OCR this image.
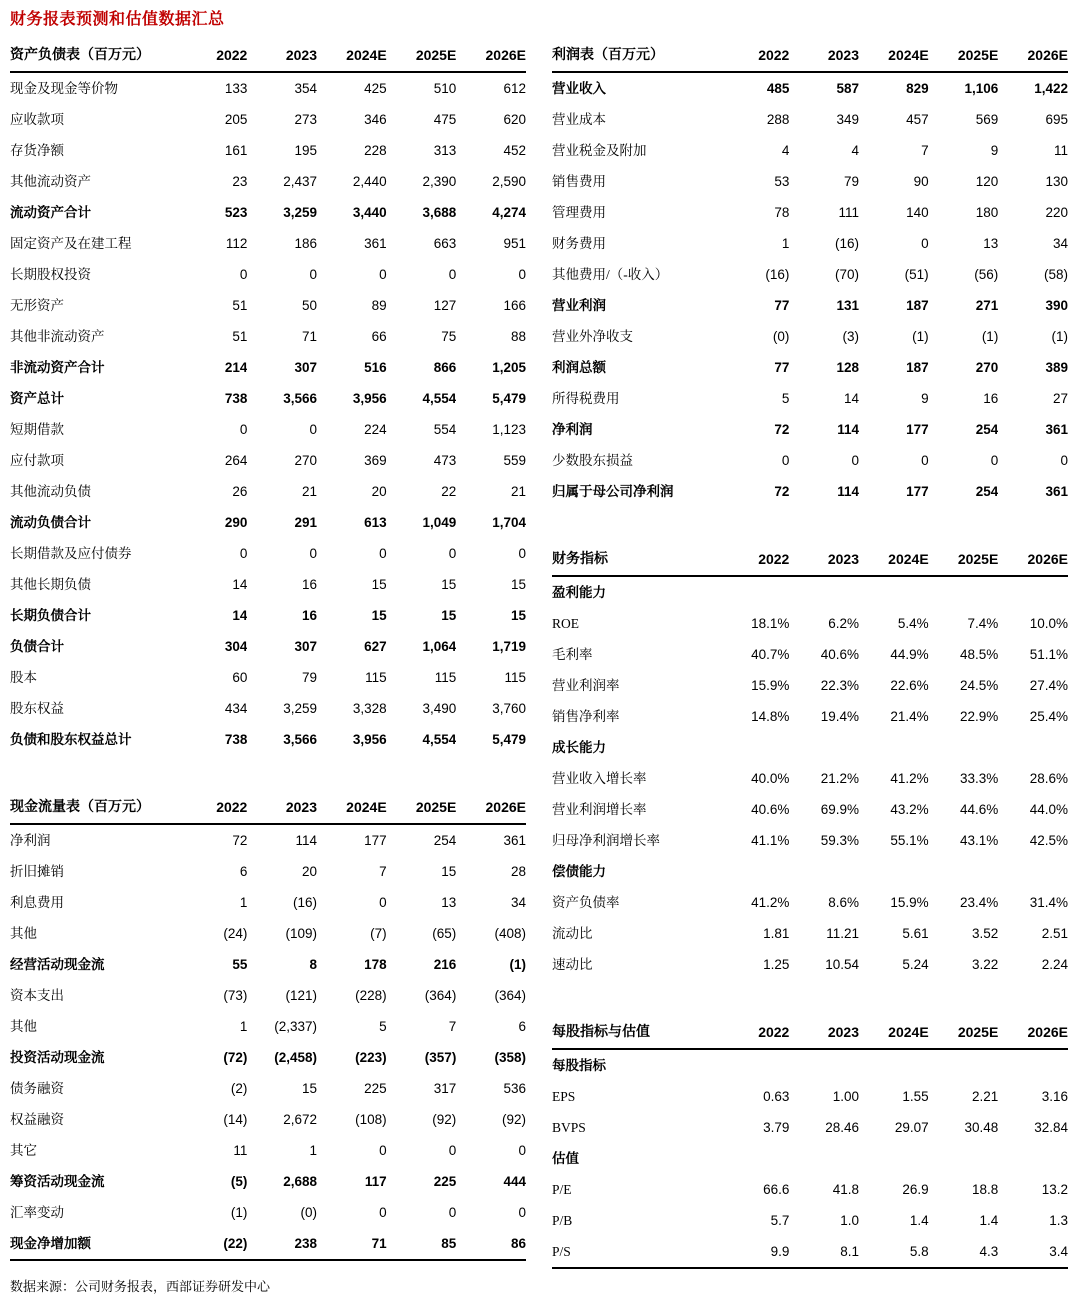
财务报表预测和估值数据汇总
资产负债表（百万元）	2022	2023	2024E	2025E	2026E
现金及现金等价物	133	354	425	510	612
应收款项	205	273	346	475	620
存货净额	161	195	228	313	452
其他流动资产	23	2,437	2,440	2,390	2,590
流动资产合计	523	3,259	3,440	3,688	4,274
固定资产及在建工程	112	186	361	663	951
长期股权投资	0	0	0	0	0
无形资产	51	50	89	127	166
其他非流动资产	51	71	66	75	88
非流动资产合计	214	307	516	866	1,205
资产总计	738	3,566	3,956	4,554	5,479
短期借款	0	0	224	554	1,123
应付款项	264	270	369	473	559
其他流动负债	26	21	20	22	21
流动负债合计	290	291	613	1,049	1,704
长期借款及应付债券	0	0	0	0	0
其他长期负债	14	16	15	15	15
长期负债合计	14	16	15	15	15
负债合计	304	307	627	1,064	1,719
股本	60	79	115	115	115
股东权益	434	3,259	3,328	3,490	3,760
负债和股东权益总计	738	3,566	3,956	4,554	5,479
现金流量表（百万元）	2022	2023	2024E	2025E	2026E
净利润	72	114	177	254	361
折旧摊销	6	20	7	15	28
利息费用	1	(16)	0	13	34
其他	(24)	(109)	(7)	(65)	(408)
经营活动现金流	55	8	178	216	(1)
资本支出	(73)	(121)	(228)	(364)	(364)
其他	1	(2,337)	5	7	6
投资活动现金流	(72)	(2,458)	(223)	(357)	(358)
债务融资	(2)	15	225	317	536
权益融资	(14)	2,672	(108)	(92)	(92)
其它	11	1	0	0	0
筹资活动现金流	(5)	2,688	117	225	444
汇率变动	(1)	(0)	0	0	0
现金净增加额	(22)	238	71	85	86
利润表（百万元）	2022	2023	2024E	2025E	2026E
营业收入	485	587	829	1,106	1,422
营业成本	288	349	457	569	695
营业税金及附加	4	4	7	9	11
销售费用	53	79	90	120	130
管理费用	78	111	140	180	220
财务费用	1	(16)	0	13	34
其他费用/（-收入）	(16)	(70)	(51)	(56)	(58)
营业利润	77	131	187	271	390
营业外净收支	(0)	(3)	(1)	(1)	(1)
利润总额	77	128	187	270	389
所得税费用	5	14	9	16	27
净利润	72	114	177	254	361
少数股东损益	0	0	0	0	0
归属于母公司净利润	72	114	177	254	361
财务指标	2022	2023	2024E	2025E	2026E
盈利能力					
ROE	18.1%	6.2%	5.4%	7.4%	10.0%
毛利率	40.7%	40.6%	44.9%	48.5%	51.1%
营业利润率	15.9%	22.3%	22.6%	24.5%	27.4%
销售净利率	14.8%	19.4%	21.4%	22.9%	25.4%
成长能力					
营业收入增长率	40.0%	21.2%	41.2%	33.3%	28.6%
营业利润增长率	40.6%	69.9%	43.2%	44.6%	44.0%
归母净利润增长率	41.1%	59.3%	55.1%	43.1%	42.5%
偿债能力					
资产负债率	41.2%	8.6%	15.9%	23.4%	31.4%
流动比	1.81	11.21	5.61	3.52	2.51
速动比	1.25	10.54	5.24	3.22	2.24
每股指标与估值	2022	2023	2024E	2025E	2026E
每股指标					
EPS	0.63	1.00	1.55	2.21	3.16
BVPS	3.79	28.46	29.07	30.48	32.84
估值					
P/E	66.6	41.8	26.9	18.8	13.2
P/B	5.7	1.0	1.4	1.4	1.3
P/S	9.9	8.1	5.8	4.3	3.4
数据来源：公司财务报表，西部证券研发中心
